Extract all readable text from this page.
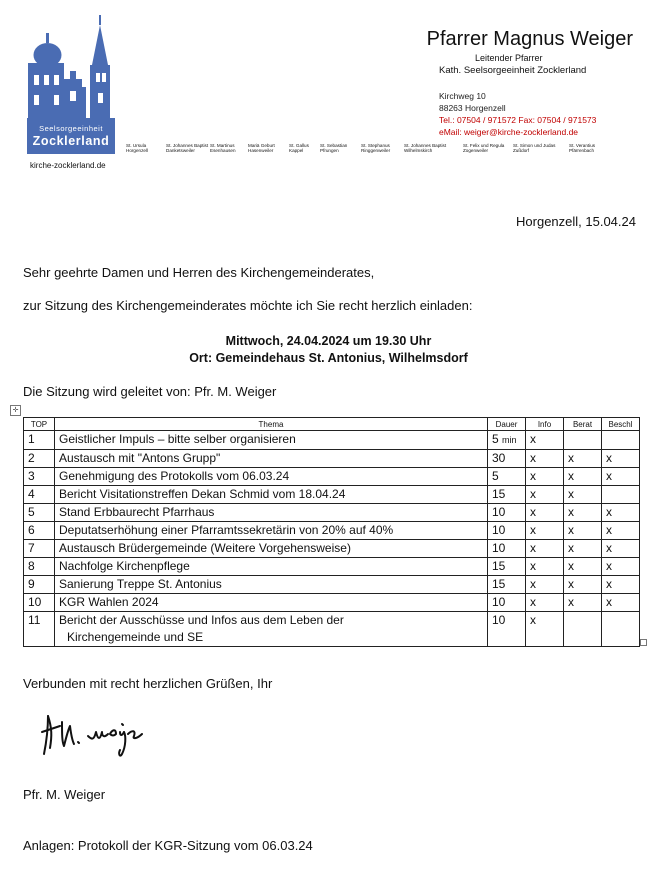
Seelsorgeeinheit
Zocklerland
kirche-zocklerland.de
Pfarrer Magnus Weiger
Leitender Pfarrer
Kath. Seelsorgeeinheit Zocklerland
Kirchweg 10
88263 Horgenzell
Tel.: 07504 / 971572 Fax: 07504 / 971573
eMail: weiger@kirche-zocklerland.de
St. Ursula
Horgenzell
St. Johannes Baptist
Danketsweiler
St. Martinus
Esenhausen
Mariä Geburt
Hasenweiler
St. Gallus
Kappel
St. Sebastian
Pfrungen
St. Stephanus
Ringgenweiler
St. Johannes Baptist
Wilhelmskirch
St. Felix und Regula
Zogenweiler
St. Simon und Judas
Zußdorf
St. Verantius
Pfärrenbach
Horgenzell, 15.04.24
Sehr geehrte Damen und Herren des Kirchengemeinderates,
zur Sitzung des Kirchengemeinderates möchte ich Sie recht herzlich einladen:
Mittwoch, 24.04.2024 um 19.30 Uhr
Ort: Gemeindehaus St. Antonius, Wilhelmsdorf
Die Sitzung wird geleitet von: Pfr. M. Weiger
✛
TOP	Thema	Dauer	Info	Berat	Beschl
1	Geistlicher Impuls – bitte selber organisieren	5 min	x		
2	Austausch mit "Antons Grupp"	30	x	x	x
3	Genehmigung des Protokolls vom 06.03.24	5	x	x	x
4	Bericht Visitationstreffen Dekan Schmid vom 18.04.24	15	x	x	
5	Stand Erbbaurecht Pfarrhaus	10	x	x	x
6	Deputatserhöhung einer Pfarramtssekretärin von 20% auf 40%	10	x	x	x
7	Austausch Brüdergemeinde (Weitere Vorgehensweise)	10	x	x	x
8	Nachfolge Kirchenpflege	15	x	x	x
9	Sanierung Treppe St. Antonius	15	x	x	x
10	KGR Wahlen 2024	10	x	x	x
11	Bericht der Ausschüsse und Infos aus dem Leben der
Kirchengemeinde und SE	10	x		
Verbunden mit recht herzlichen Grüßen, Ihr
Pfr. M. Weiger
Anlagen: Protokoll der KGR-Sitzung vom 06.03.24
